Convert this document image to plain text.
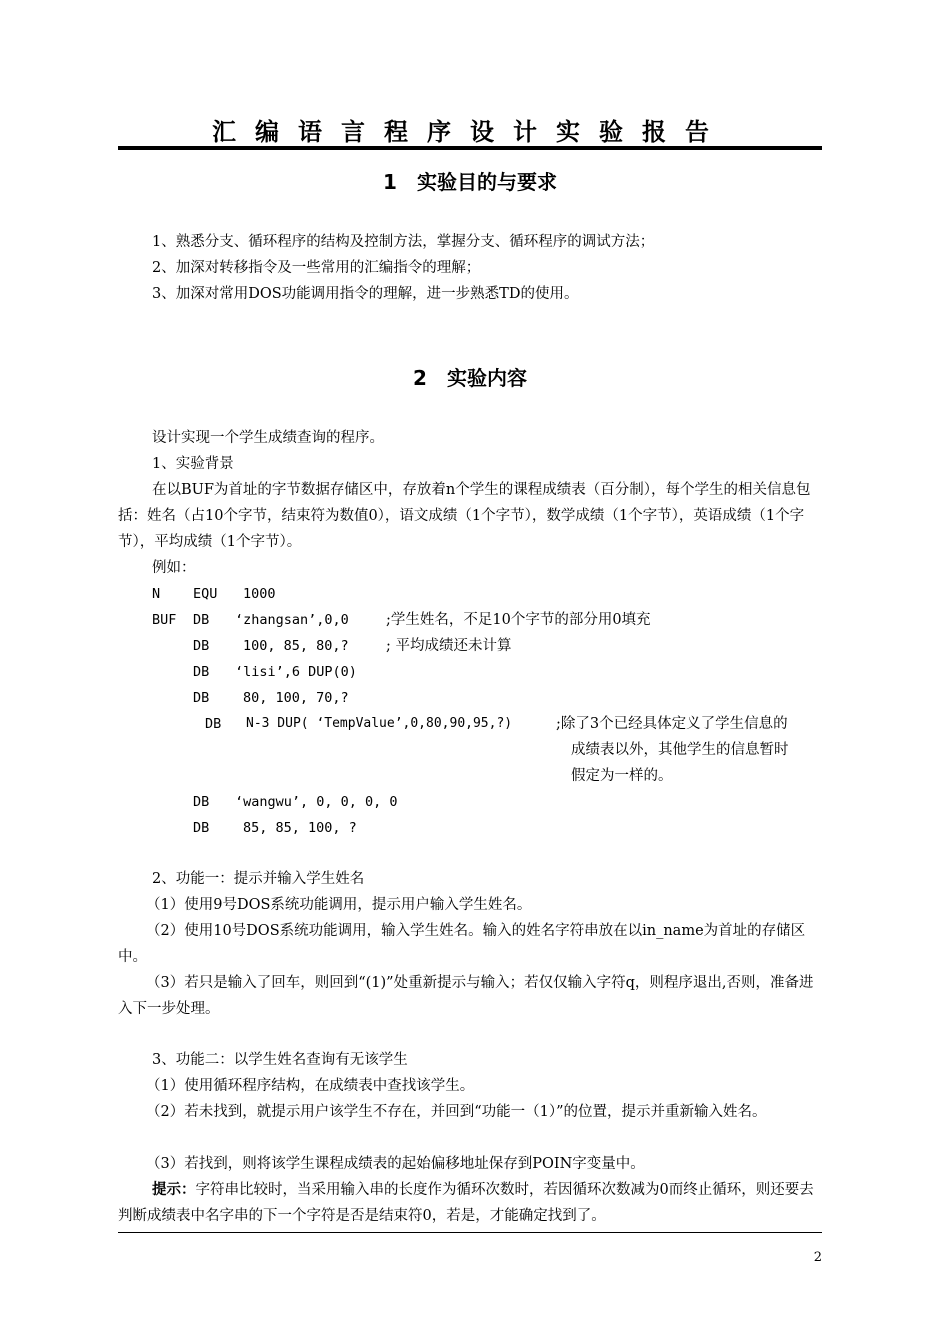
汇编语言程序设计实验报告
1　实验目的与要求
1、熟悉分支、循环程序的结构及控制方法，掌握分支、循环程序的调试方法；
2、加深对转移指令及一些常用的汇编指令的理解；
3、加深对常用DOS功能调用指令的理解，进一步熟悉TD的使用。
2　实验内容
设计实现一个学生成绩查询的程序。
1、实验背景
在以BUF为首址的字节数据存储区中，存放着n个学生的课程成绩表（百分制），每个学生的相关信息包括：姓名（占10个字节，结束符为数值0），语文成绩（1个字节），数学成绩（1个字节），英语成绩（1个字节），平均成绩（1个字节）。
例如：
N EQU 1000
BUF DB ‘zhangsan’,0,0	;学生姓名，不足10个字节的部分用0填充
DB 100, 85, 80,?	; 平均成绩还未计算
DB ‘lisi’,6 DUP(0)
DB 80, 100, 70,?
DB N-3 DUP( ‘TempValue’,0,80,90,95,?)	;除了3个已经具体定义了学生信息的
成绩表以外，其他学生的信息暂时
假定为一样的。
DB ‘wangwu’, 0, 0, 0, 0
DB 85, 85, 100, ?
2、功能一：提示并输入学生姓名
（1）使用9号DOS系统功能调用，提示用户输入学生姓名。
（2）使用10号DOS系统功能调用，输入学生姓名。输入的姓名字符串放在以in_name为首址的存储区中。
（3）若只是输入了回车，则回到“(1)”处重新提示与输入；若仅仅输入字符q，则程序退出,否则，准备进入下一步处理。
3、功能二：以学生姓名查询有无该学生
（1）使用循环程序结构，在成绩表中查找该学生。
（2）若未找到，就提示用户该学生不存在，并回到“功能一（1）”的位置，提示并重新输入姓名。
（3）若找到，则将该学生课程成绩表的起始偏移地址保存到POIN字变量中。
提示：字符串比较时，当采用输入串的长度作为循环次数时，若因循环次数减为0而终止循环，则还要去判断成绩表中名字串的下一个字符是否是结束符0，若是，才能确定找到了。
2
